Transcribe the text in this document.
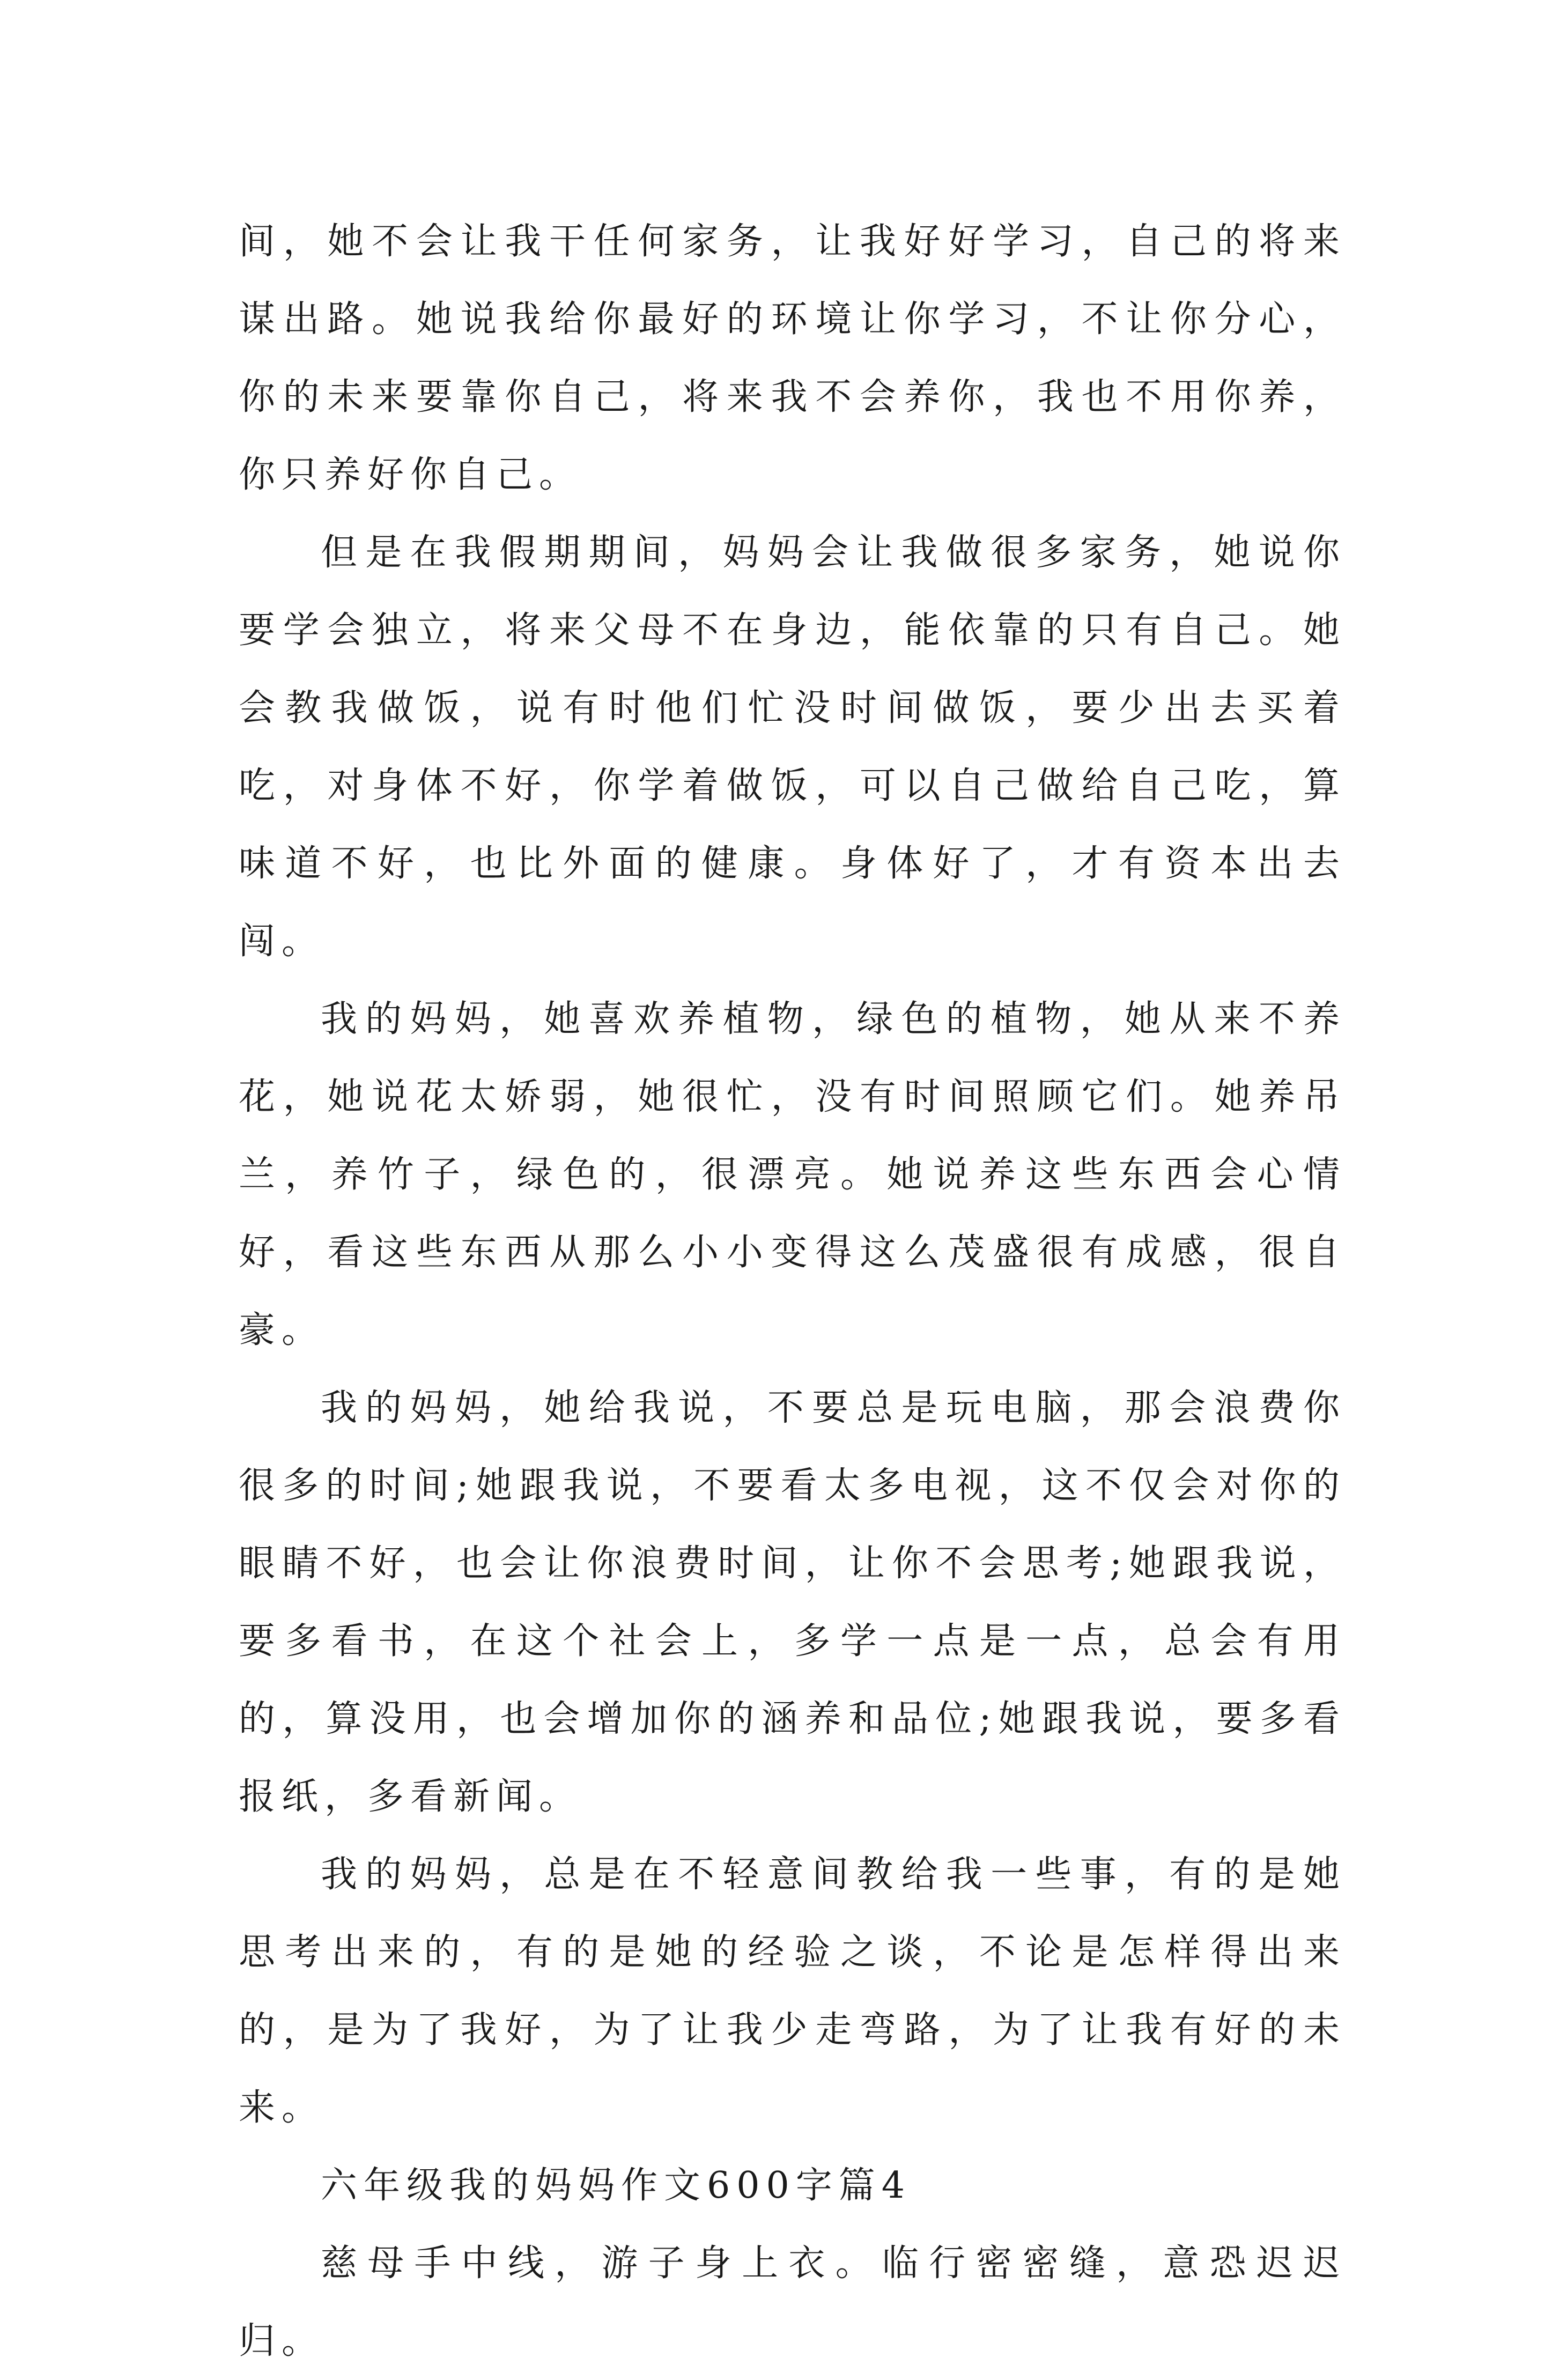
间，她不会让我干任何家务，让我好好学习，自己的将来谋出路。她说我给你最好的环境让你学习，不让你分心，你的未来要靠你自己，将来我不会养你，我也不用你养，你只养好你自己。

但是在我假期期间，妈妈会让我做很多家务，她说你要学会独立，将来父母不在身边，能依靠的只有自己。她会教我做饭，说有时他们忙没时间做饭，要少出去买着吃，对身体不好，你学着做饭，可以自己做给自己吃，算味道不好，也比外面的健康。身体好了，才有资本出去闯。

我的妈妈，她喜欢养植物，绿色的植物，她从来不养花，她说花太娇弱，她很忙，没有时间照顾它们。她养吊兰，养竹子，绿色的，很漂亮。她说养这些东西会心情好，看这些东西从那么小小变得这么茂盛很有成感，很自豪。

我的妈妈，她给我说，不要总是玩电脑，那会浪费你很多的时间;她跟我说，不要看太多电视，这不仅会对你的眼睛不好，也会让你浪费时间，让你不会思考;她跟我说，要多看书，在这个社会上，多学一点是一点，总会有用的，算没用，也会增加你的涵养和品位;她跟我说，要多看报纸，多看新闻。

我的妈妈，总是在不轻意间教给我一些事，有的是她思考出来的，有的是她的经验之谈，不论是怎样得出来的，是为了我好，为了让我少走弯路，为了让我有好的未来。

六年级我的妈妈作文600字篇4

慈母手中线，游子身上衣。临行密密缝，意恐迟迟归。
